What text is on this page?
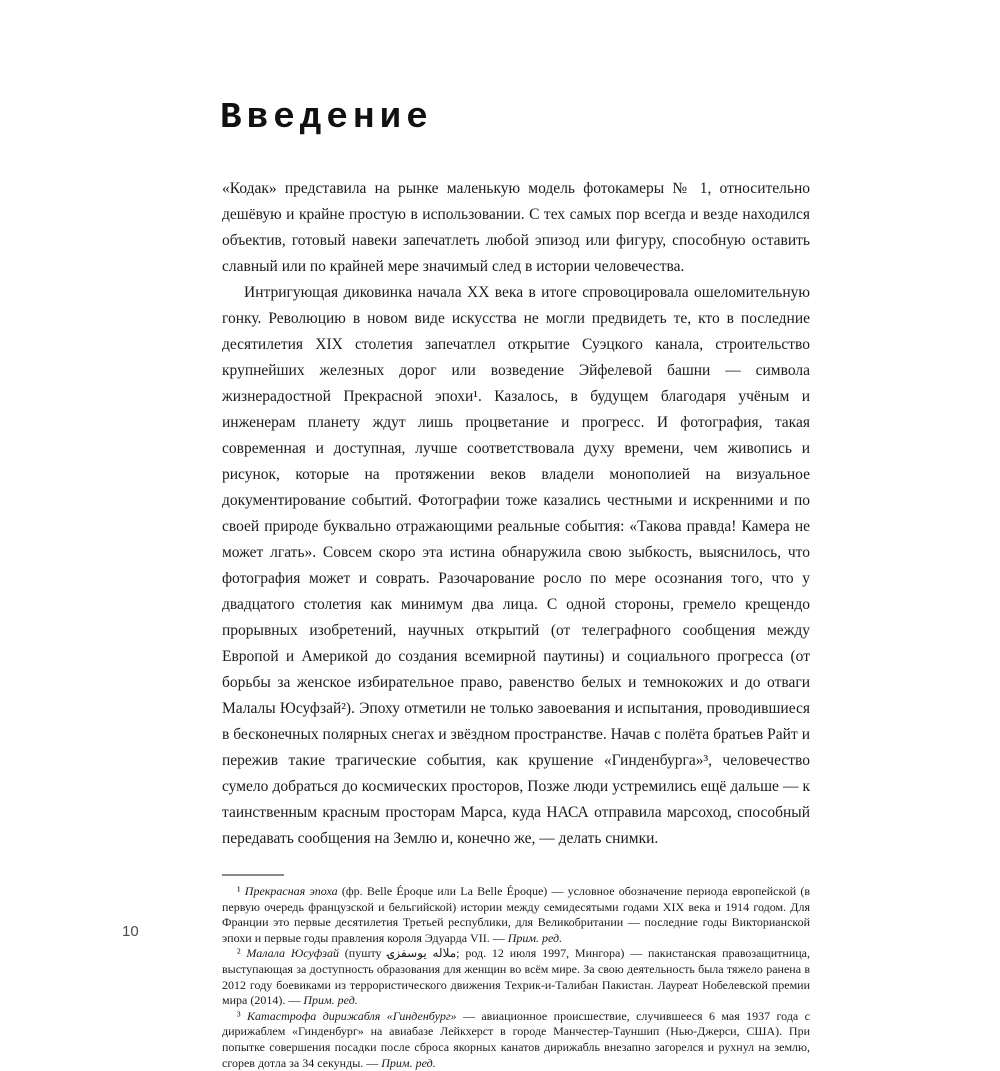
Введение

«Кодак» представила на рынке маленькую модель фотокамеры № 1, относительно дешёвую и крайне простую в использовании. С тех самых пор всегда и везде находился объектив, готовый навеки запечатлеть любой эпизод или фигуру, способную оставить славный или по крайней мере значимый след в истории человечества.

Интригующая диковинка начала XX века в итоге спровоцировала ошеломительную гонку. Революцию в новом виде искусства не могли предвидеть те, кто в последние десятилетия XIX столетия запечатлел открытие Суэцкого канала, строительство крупнейших железных дорог или возведение Эйфелевой башни — символа жизнерадостной Прекрасной эпохи¹. Казалось, в будущем благодаря учёным и инженерам планету ждут лишь процветание и прогресс. И фотография, такая современная и доступная, лучше соответствовала духу времени, чем живопись и рисунок, которые на протяжении веков владели монополией на визуальное документирование событий. Фотографии тоже казались честными и искренними и по своей природе буквально отражающими реальные события: «Такова правда! Камера не может лгать». Совсем скоро эта истина обнаружила свою зыбкость, выяснилось, что фотография может и соврать. Разочарование росло по мере осознания того, что у двадцатого столетия как минимум два лица. С одной стороны, гремело крещендо прорывных изобретений, научных открытий (от телеграфного сообщения между Европой и Америкой до создания всемирной паутины) и социального прогресса (от борьбы за женское избирательное право, равенство белых и темнокожих и до отваги Малалы Юсуфзай²). Эпоху отметили не только завоевания и испытания, проводившиеся в бесконечных полярных снегах и звёздном пространстве. Начав с полёта братьев Райт и пережив такие трагические события, как крушение «Гинденбурга»³, человечество сумело добраться до космических просторов, Позже люди устремились ещё дальше — к таинственным красным просторам Марса, куда НАСА отправила марсоход, способный передавать сообщения на Землю и, конечно же, — делать снимки.

¹ Прекрасная эпоха (фр. Belle Époque или La Belle Époque) — условное обозначение периода европейской (в первую очередь французской и бельгийской) истории между семидесятыми годами XIX века и 1914 годом. Для Франции это первые десятилетия Третьей республики, для Великобритании — последние годы Викторианской эпохи и первые годы правления короля Эдуарда VII. — Прим. ред.

² Малала Юсуфзай (пушту ملاله یوسفزۍ; род. 12 июля 1997, Мингора) — пакистанская правозащитница, выступающая за доступность образования для женщин во всём мире. За свою деятельность была тяжело ранена в 2012 году боевиками из террористического движения Техрик-и-Талибан Пакистан. Лауреат Нобелевской премии мира (2014). — Прим. ред.

³ Катастрофа дирижабля «Гинденбург» — авиационное происшествие, случившееся 6 мая 1937 года с дирижаблем «Гинденбург» на авиабазе Лейкхерст в городе Манчестер-Тауншип (Нью-Джерси, США). При попытке совершения посадки после сброса якорных канатов дирижабль внезапно загорелся и рухнул на землю, сгорев дотла за 34 секунды. — Прим. ред.

10
